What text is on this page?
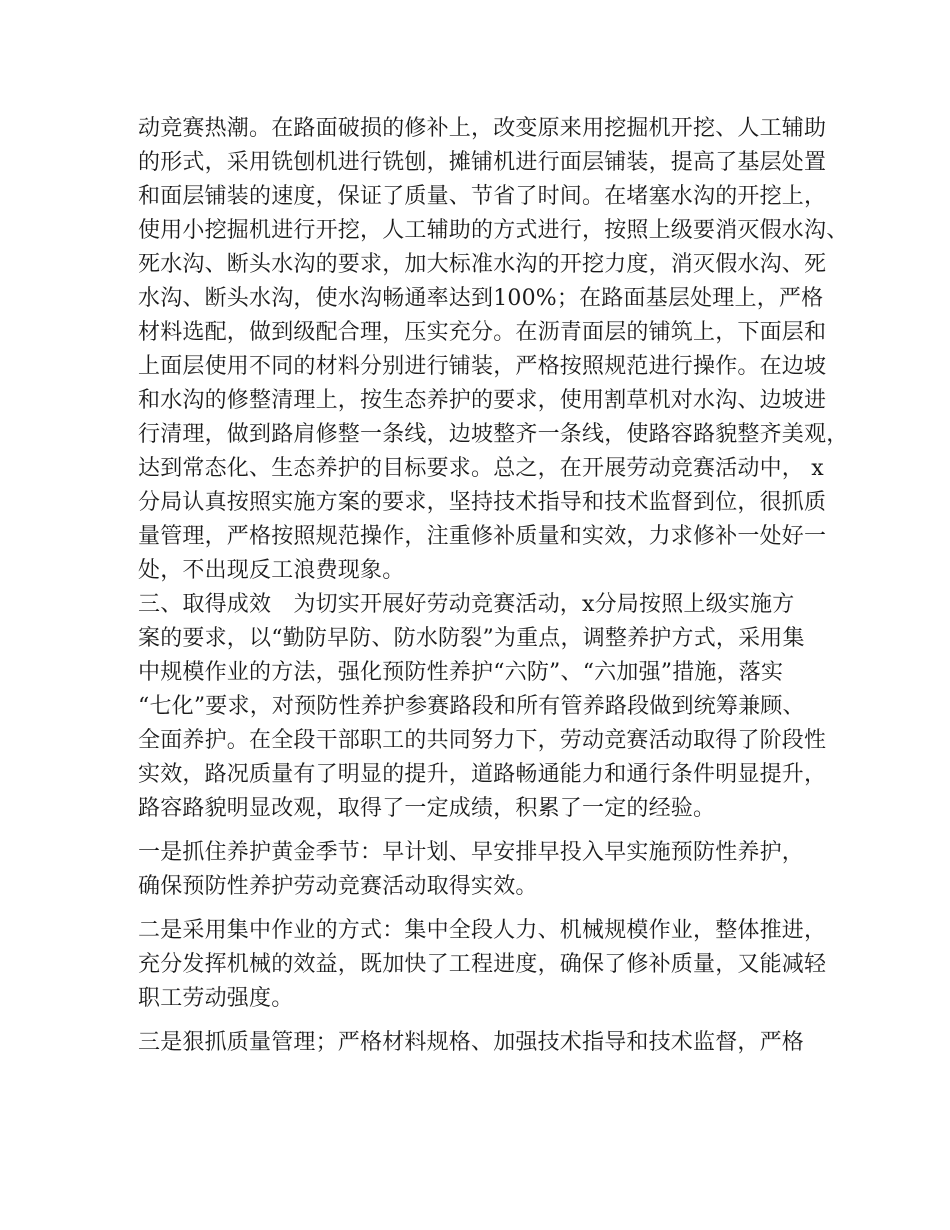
动竞赛热潮。在路面破损的修补上，改变原来用挖掘机开挖、人工辅助
的形式，采用铣刨机进行铣刨，摊铺机进行面层铺装，提高了基层处置
和面层铺装的速度，保证了质量、节省了时间。在堵塞水沟的开挖上，
使用小挖掘机进行开挖，人工辅助的方式进行，按照上级要消灭假水沟、
死水沟、断头水沟的要求，加大标准水沟的开挖力度，消灭假水沟、死
水沟、断头水沟，使水沟畅通率达到100%；在路面基层处理上，严格
材料选配，做到级配合理，压实充分。在沥青面层的铺筑上，下面层和
上面层使用不同的材料分别进行铺装，严格按照规范进行操作。在边坡
和水沟的修整清理上，按生态养护的要求，使用割草机对水沟、边坡进
行清理，做到路肩修整一条线，边坡整齐一条线，使路容路貌整齐美观，
达到常态化、生态养护的目标要求。总之，在开展劳动竞赛活动中， x
分局认真按照实施方案的要求，坚持技术指导和技术监督到位，很抓质
量管理，严格按照规范操作，注重修补质量和实效，力求修补一处好一
处，不出现反工浪费现象。
三、取得成效　为切实开展好劳动竞赛活动，x分局按照上级实施方
案的要求，以“勤防早防、防水防裂”为重点，调整养护方式，采用集
中规模作业的方法，强化预防性养护“六防”、“六加强”措施，落实
“七化”要求，对预防性养护参赛路段和所有管养路段做到统筹兼顾、
全面养护。在全段干部职工的共同努力下，劳动竞赛活动取得了阶段性
实效，路况质量有了明显的提升，道路畅通能力和通行条件明显提升，
路容路貌明显改观，取得了一定成绩，积累了一定的经验。
一是抓住养护黄金季节：早计划、早安排早投入早实施预防性养护，
确保预防性养护劳动竞赛活动取得实效。
二是采用集中作业的方式：集中全段人力、机械规模作业，整体推进，
充分发挥机械的效益，既加快了工程进度，确保了修补质量，又能减轻
职工劳动强度。
三是狠抓质量管理；严格材料规格、加强技术指导和技术监督，严格
